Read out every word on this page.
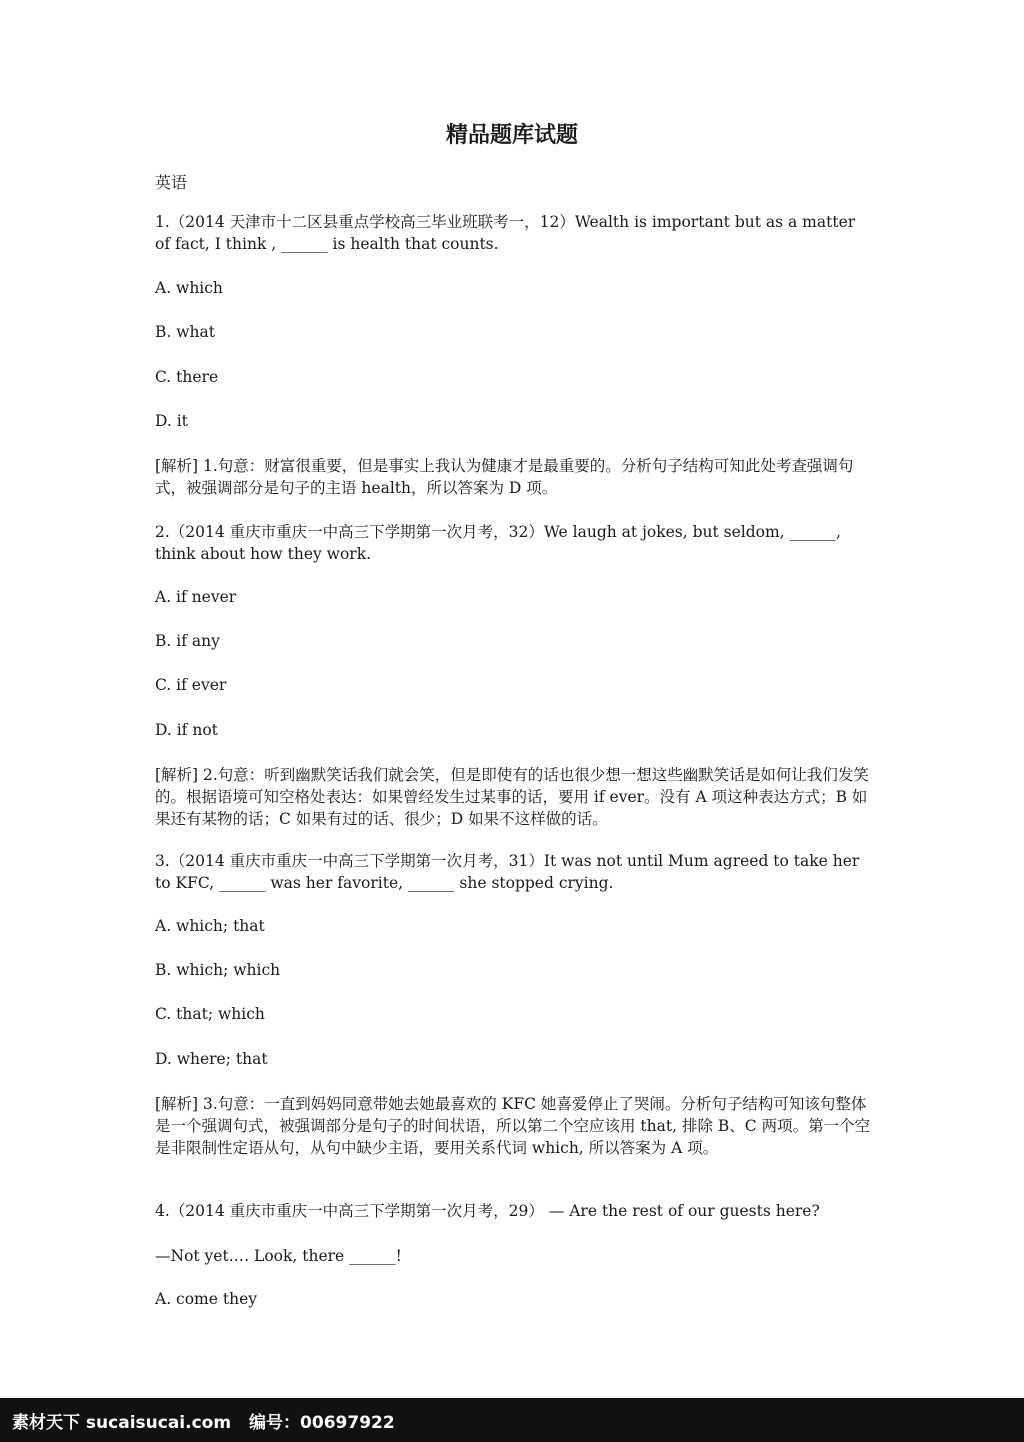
精品题库试题
英语
1.（2014 天津市十二区县重点学校高三毕业班联考一，12）Wealth is important but as a matter of fact, I think , ______ is health that counts.
A. which
B. what
C. there
D. it
[解析] 1.句意：财富很重要，但是事实上我认为健康才是最重要的。分析句子结构可知此处考查强调句式，被强调部分是句子的主语 health，所以答案为 D 项。
2.（2014 重庆市重庆一中高三下学期第一次月考，32）We laugh at jokes, but seldom, ______, think about how they work.
A. if never
B. if any
C. if ever
D. if not
[解析] 2.句意：听到幽默笑话我们就会笑，但是即使有的话也很少想一想这些幽默笑话是如何让我们发笑的。根据语境可知空格处表达：如果曾经发生过某事的话，要用 if ever。没有 A 项这种表达方式；B 如果还有某物的话；C 如果有过的话、很少；D 如果不这样做的话。
3.（2014 重庆市重庆一中高三下学期第一次月考，31）It was not until Mum agreed to take her to KFC, ______ was her favorite, ______ she stopped crying.
A. which; that
B. which; which
C. that; which
D. where; that
[解析] 3.句意：一直到妈妈同意带她去她最喜欢的 KFC 她喜爱停止了哭闹。分析句子结构可知该句整体是一个强调句式，被强调部分是句子的时间状语，所以第二个空应该用 that, 排除 B、C 两项。第一个空是非限制性定语从句，从句中缺少主语，要用关系代词 which, 所以答案为 A 项。
4.（2014 重庆市重庆一中高三下学期第一次月考，29） — Are the rest of our guests here?
—Not yet.… Look, there ______!
A. come they
素材天下 sucaisucai.com 编号：00697922
